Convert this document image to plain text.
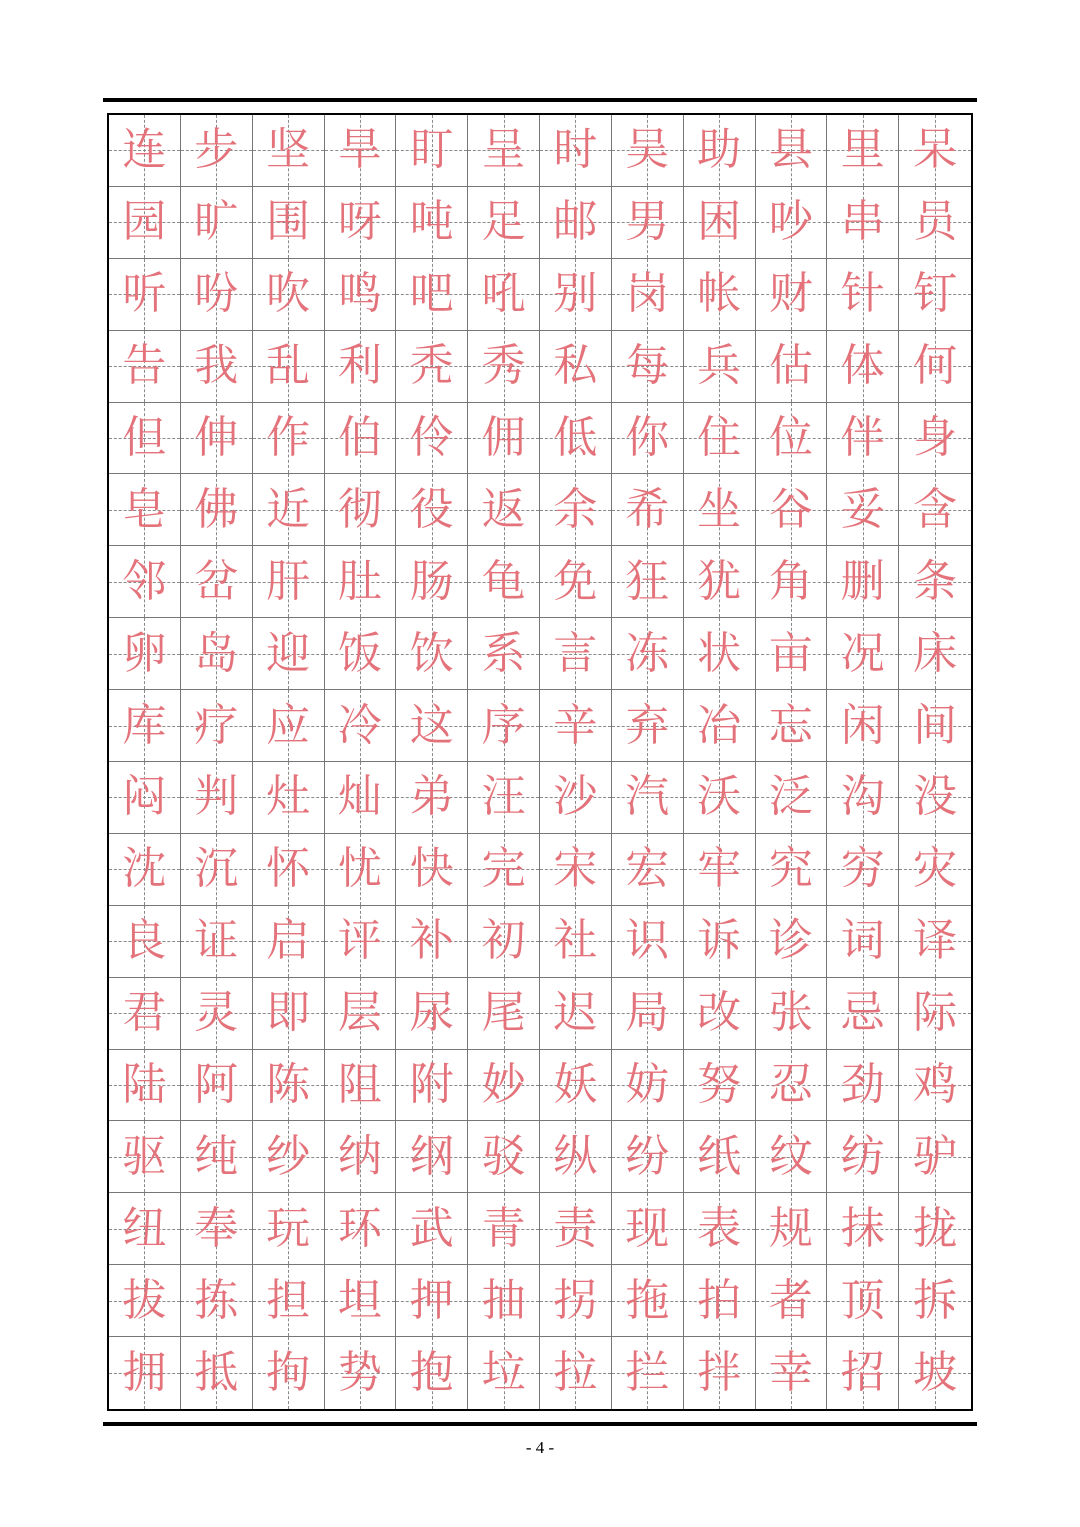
连 步 坚 旱 盯 呈 时 吴 助 县 里 呆
园 旷 围 呀 吨 足 邮 男 困 吵 串 员
听 吩 吹 鸣 吧 吼 别 岗 帐 财 针 钉
告 我 乱 利 秃 秀 私 每 兵 估 体 何
但 伸 作 伯 伶 佣 低 你 住 位 伴 身
皂 佛 近 彻 役 返 余 希 坐 谷 妥 含
邻 岔 肝 肚 肠 龟 免 狂 犹 角 删 条
卵 岛 迎 饭 饮 系 言 冻 状 亩 况 床
库 疗 应 冷 这 序 辛 弃 冶 忘 闲 间
闷 判 灶 灿 弟 汪 沙 汽 沃 泛 沟 没
沈 沉 怀 忧 快 完 宋 宏 牢 究 穷 灾
良 证 启 评 补 初 社 识 诉 诊 词 译
君 灵 即 层 尿 尾 迟 局 改 张 忌 际
陆 阿 陈 阻 附 妙 妖 妨 努 忍 劲 鸡
驱 纯 纱 纳 纲 驳 纵 纷 纸 纹 纺 驴
纽 奉 玩 环 武 青 责 现 表 规 抹 拢
拔 拣 担 坦 押 抽 拐 拖 拍 者 顶 拆
拥 抵 拘 势 抱 垃 拉 拦 拌 幸 招 坡
- 4 -
